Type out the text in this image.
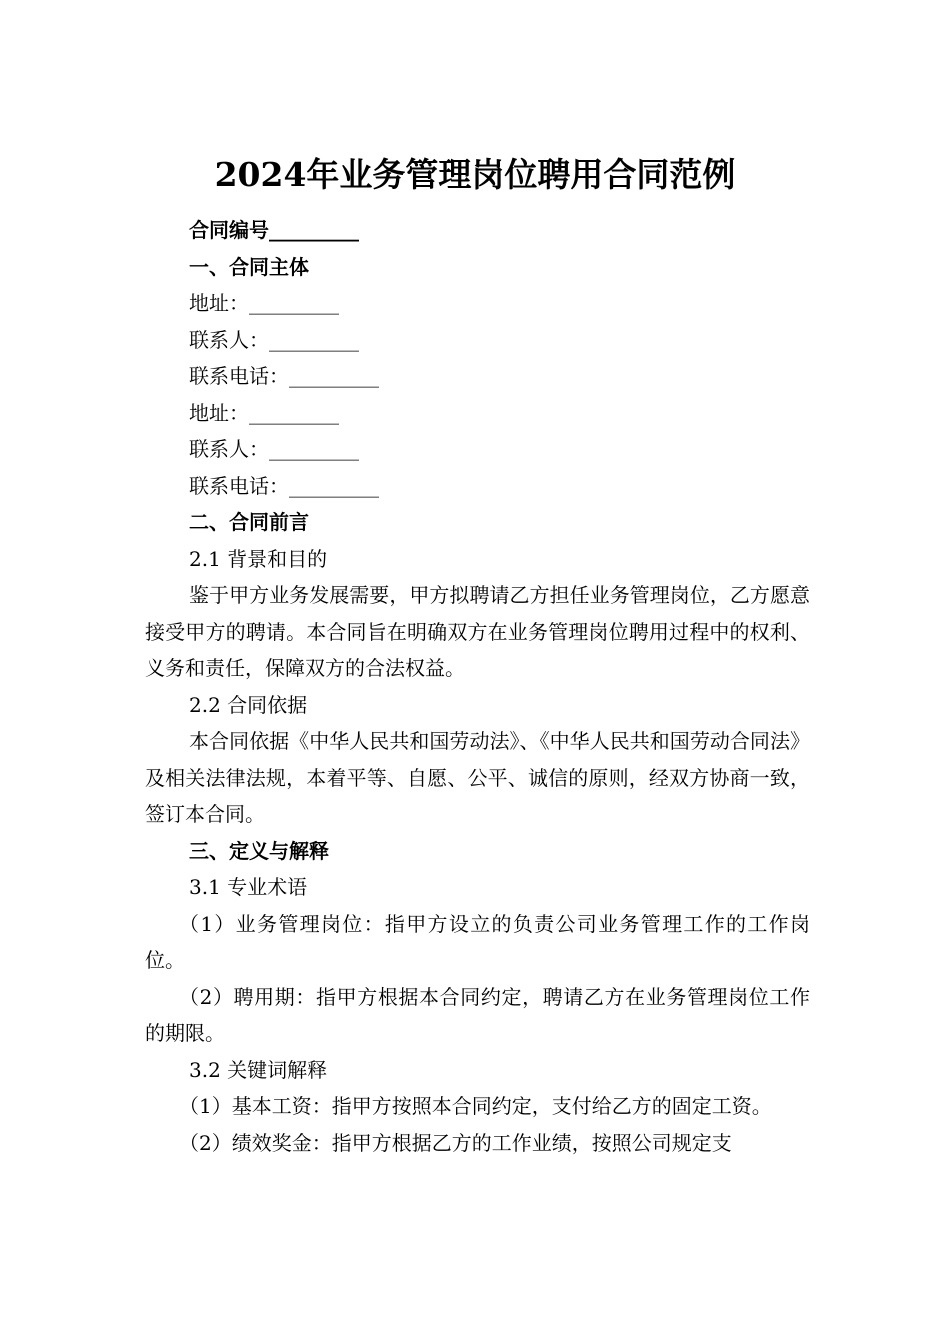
2024年业务管理岗位聘用合同范例

合同编号_________

一、合同主体

地址：_________

联系人：_________

联系电话：_________

地址：_________

联系人：_________

联系电话：_________

二、合同前言

2.1 背景和目的

鉴于甲方业务发展需要，甲方拟聘请乙方担任业务管理岗位，乙方愿意接受甲方的聘请。本合同旨在明确双方在业务管理岗位聘用过程中的权利、义务和责任，保障双方的合法权益。

2.2 合同依据

本合同依据《中华人民共和国劳动法》、《中华人民共和国劳动合同法》及相关法律法规，本着平等、自愿、公平、诚信的原则，经双方协商一致，签订本合同。

三、定义与解释

3.1 专业术语

（1）业务管理岗位：指甲方设立的负责公司业务管理工作的工作岗位。

（2）聘用期：指甲方根据本合同约定，聘请乙方在业务管理岗位工作的期限。

3.2 关键词解释

（1）基本工资：指甲方按照本合同约定，支付给乙方的固定工资。

（2）绩效奖金：指甲方根据乙方的工作业绩，按照公司规定支
